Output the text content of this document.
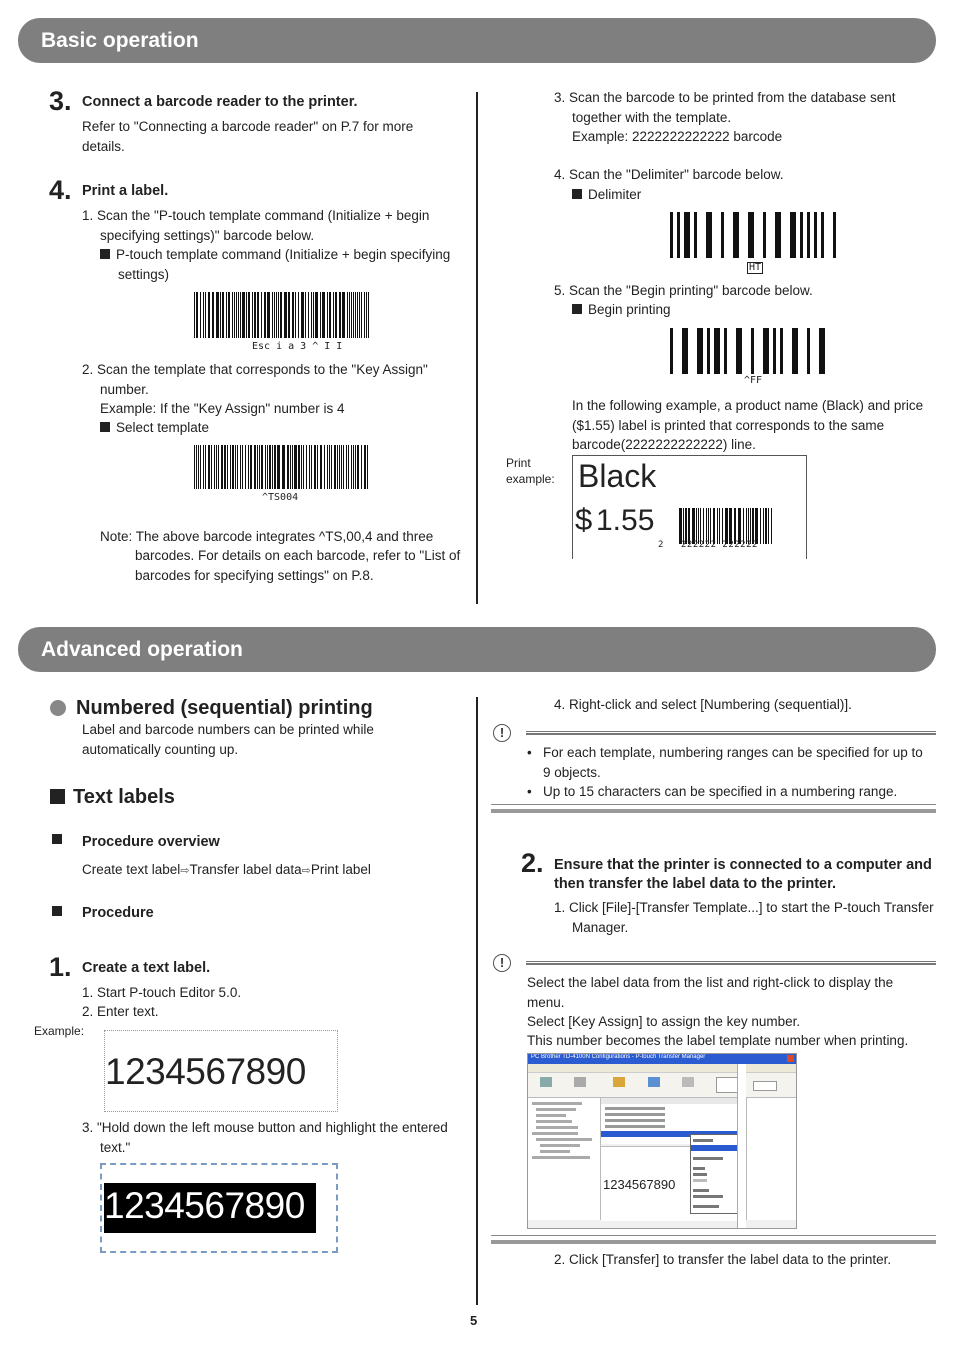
Basic operation
3. Connect a barcode reader to the printer.
Refer to "Connecting a barcode reader" on P.7 for more details.
4. Print a label.
1. Scan the "P-touch template command (Initialize + begin specifying settings)" barcode below.
P-touch template command (Initialize + begin specifying settings)
Esc i a 3 ^ I I
2. Scan the template that corresponds to the "Key Assign" number.
Example: If the "Key Assign" number is 4
Select template
^TS004
Note: The above barcode integrates ^TS,00,4 and three
barcodes. For details on each barcode, refer to "List of barcodes for specifying settings" on P.8.
3. Scan the barcode to be printed from the database sent together with the template.
Example: 2222222222222 barcode
4. Scan the "Delimiter" barcode below.
Delimiter
HT
5. Scan the "Begin printing" barcode below.
Begin printing
^FF
In the following example, a product name (Black) and price ($1.55) label is printed that corresponds to the same barcode(2222222222222) line.
Print example: Black
$ 1.55
2 222222 222222
Advanced operation
Numbered (sequential) printing
Label and barcode numbers can be printed while automatically counting up.
Text labels
Procedure overview
Create text label⇨Transfer label data⇨Print label
Procedure
1. Create a text label.
1. Start P-touch Editor 5.0.
2. Enter text.
Example:
1234567890
3. "Hold down the left mouse button and highlight the entered text."
1234567890
4. Right-click and select [Numbering (sequential)].
!
• For each template, numbering ranges can be specified for up to 9 objects.
• Up to 15 characters can be specified in a numbering range.
2. Ensure that the printer is connected to a computer and then transfer the label data to the printer.
1. Click [File]-[Transfer Template...] to start the P-touch Transfer Manager.
!
Select the label data from the list and right-click to display the menu.
Select [Key Assign] to assign the key number.
This number becomes the label template number when printing.
PC Brother TD-4100N Configurations - P-touch Transfer Manager
1234567890
2. Click [Transfer] to transfer the label data to the printer.
5
